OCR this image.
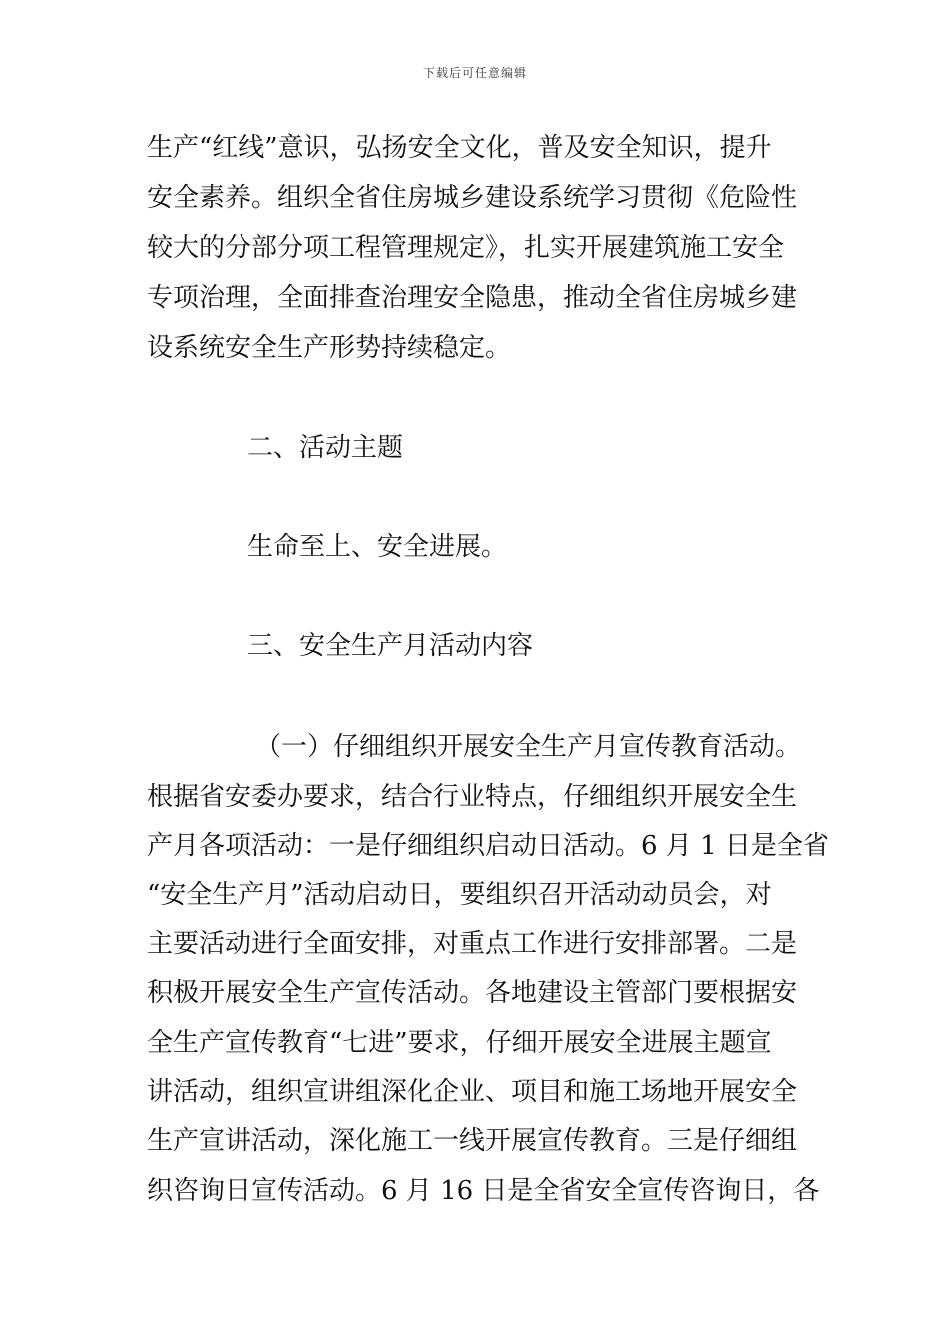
下载后可任意编辑
生产“红线”意识，弘扬安全文化，普及安全知识，提升
安全素养。组织全省住房城乡建设系统学习贯彻《危险性
较大的分部分项工程管理规定》，扎实开展建筑施工安全
专项治理，全面排查治理安全隐患，推动全省住房城乡建
设系统安全生产形势持续稳定。
二、活动主题
生命至上、安全进展。
三、安全生产月活动内容
（一）仔细组织开展安全生产月宣传教育活动。
根据省安委办要求，结合行业特点，仔细组织开展安全生
产月各项活动：一是仔细组织启动日活动。6 月 1 日是全省
“安全生产月”活动启动日，要组织召开活动动员会，对
主要活动进行全面安排，对重点工作进行安排部署。二是
积极开展安全生产宣传活动。各地建设主管部门要根据安
全生产宣传教育“七进”要求，仔细开展安全进展主题宣
讲活动，组织宣讲组深化企业、项目和施工场地开展安全
生产宣讲活动，深化施工一线开展宣传教育。三是仔细组
织咨询日宣传活动。6 月 16 日是全省安全宣传咨询日，各
